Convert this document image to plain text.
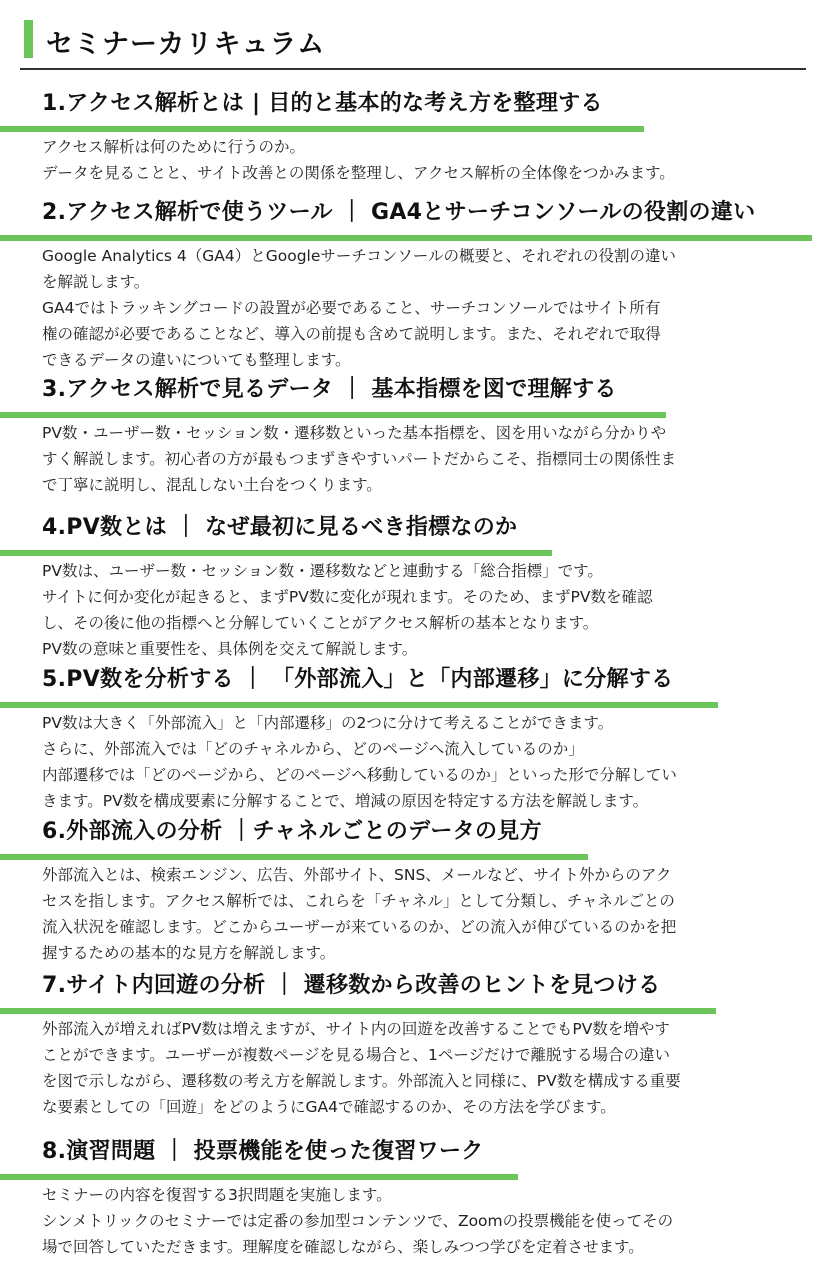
セミナーカリキュラム
1.アクセス解析とは | 目的と基本的な考え方を整理する
アクセス解析は何のために行うのか。
データを見ることと、サイト改善との関係を整理し、アクセス解析の全体像をつかみます。
2.アクセス解析で使うツール ｜ GA4とサーチコンソールの役割の違い
Google Analytics 4（GA4）とGoogleサーチコンソールの概要と、それぞれの役割の違い
を解説します。
GA4ではトラッキングコードの設置が必要であること、サーチコンソールではサイト所有
権の確認が必要であることなど、導入の前提も含めて説明します。また、それぞれで取得
できるデータの違いについても整理します。
3.アクセス解析で見るデータ ｜ 基本指標を図で理解する
PV数・ユーザー数・セッション数・遷移数といった基本指標を、図を用いながら分かりや
すく解説します。初心者の方が最もつまずきやすいパートだからこそ、指標同士の関係性ま
で丁寧に説明し、混乱しない土台をつくります。
4.PV数とは ｜ なぜ最初に見るべき指標なのか
PV数は、ユーザー数・セッション数・遷移数などと連動する「総合指標」です。
サイトに何か変化が起きると、まずPV数に変化が現れます。そのため、まずPV数を確認
し、その後に他の指標へと分解していくことがアクセス解析の基本となります。
PV数の意味と重要性を、具体例を交えて解説します。
5.PV数を分析する ｜ 「外部流入」と「内部遷移」に分解する
PV数は大きく「外部流入」と「内部遷移」の2つに分けて考えることができます。
さらに、外部流入では「どのチャネルから、どのページへ流入しているのか」
内部遷移では「どのページから、どのページへ移動しているのか」といった形で分解してい
きます。PV数を構成要素に分解することで、増減の原因を特定する方法を解説します。
6.外部流入の分析 ｜チャネルごとのデータの見方
外部流入とは、検索エンジン、広告、外部サイト、SNS、メールなど、サイト外からのアク
セスを指します。アクセス解析では、これらを「チャネル」として分類し、チャネルごとの
流入状況を確認します。どこからユーザーが来ているのか、どの流入が伸びているのかを把
握するための基本的な見方を解説します。
7.サイト内回遊の分析 ｜ 遷移数から改善のヒントを見つける
外部流入が増えればPV数は増えますが、サイト内の回遊を改善することでもPV数を増やす
ことができます。ユーザーが複数ページを見る場合と、1ページだけで離脱する場合の違い
を図で示しながら、遷移数の考え方を解説します。外部流入と同様に、PV数を構成する重要
な要素としての「回遊」をどのようにGA4で確認するのか、その方法を学びます。
8.演習問題 ｜ 投票機能を使った復習ワーク
セミナーの内容を復習する3択問題を実施します。
シンメトリックのセミナーでは定番の参加型コンテンツで、Zoomの投票機能を使ってその
場で回答していただきます。理解度を確認しながら、楽しみつつ学びを定着させます。
